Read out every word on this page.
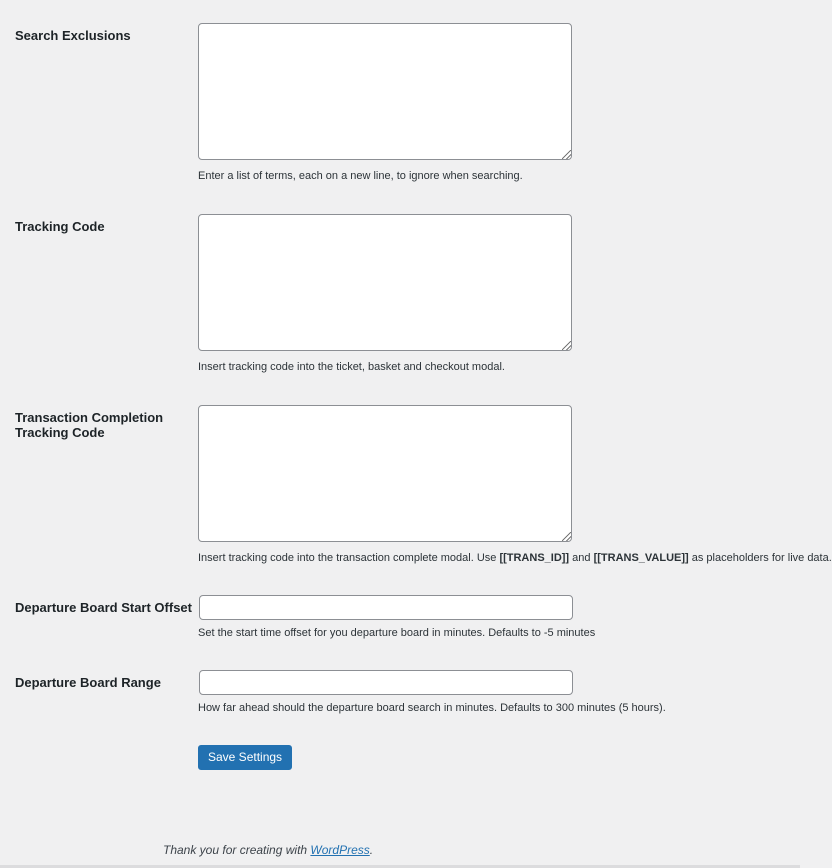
Search Exclusions
Enter a list of terms, each on a new line, to ignore when searching.
Tracking Code
Insert tracking code into the ticket, basket and checkout modal.
Transaction Completion
Tracking Code
Insert tracking code into the transaction complete modal. Use [[TRANS_ID]] and [[TRANS_VALUE]] as placeholders for live data.
Departure Board Start Offset
Set the start time offset for you departure board in minutes. Defaults to -5 minutes
Departure Board Range
How far ahead should the departure board search in minutes. Defaults to 300 minutes (5 hours).
Save Settings
Thank you for creating with WordPress.
